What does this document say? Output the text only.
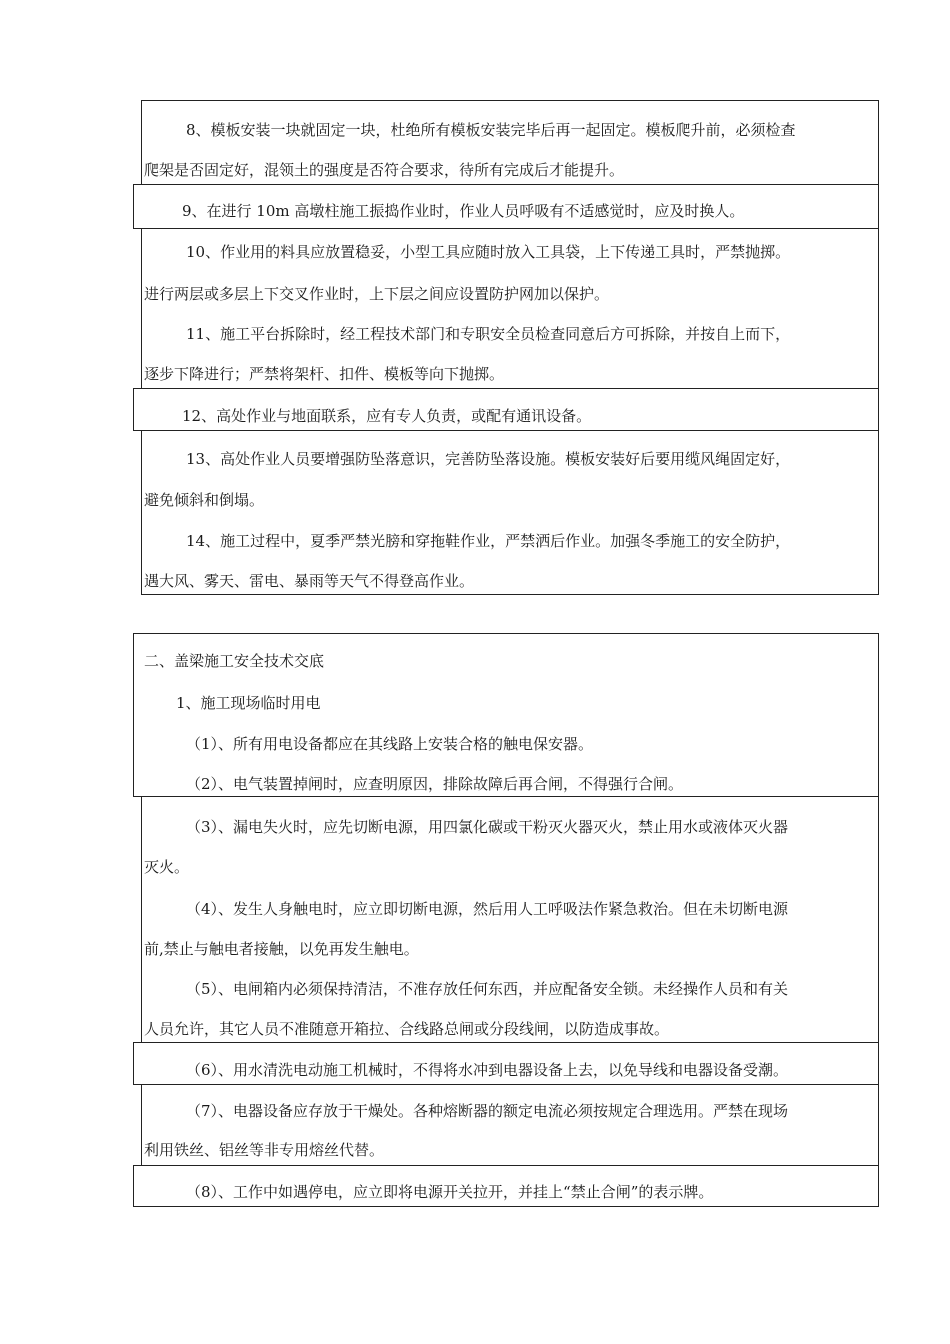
8、模板安装一块就固定一块，杜绝所有模板安装完毕后再一起固定。模板爬升前，必须检查
爬架是否固定好，混领土的强度是否符合要求，待所有完成后才能提升。
9、在进行 10m 高墩柱施工振捣作业时，作业人员呼吸有不适感觉时，应及时换人。
10、作业用的料具应放置稳妥，小型工具应随时放入工具袋，上下传递工具时，严禁抛掷。
进行两层或多层上下交叉作业时，上下层之间应设置防护网加以保护。
11、施工平台拆除时，经工程技术部门和专职安全员检查同意后方可拆除，并按自上而下，
逐步下降进行；严禁将架杆、扣件、模板等向下抛掷。
12、高处作业与地面联系，应有专人负责，或配有通讯设备。
13、高处作业人员要增强防坠落意识，完善防坠落设施。模板安装好后要用缆风绳固定好，
避免倾斜和倒塌。
14、施工过程中，夏季严禁光膀和穿拖鞋作业，严禁洒后作业。加强冬季施工的安全防护，
遇大风、雾天、雷电、暴雨等天气不得登高作业。
二、盖梁施工安全技术交底
1、施工现场临时用电
（1）、所有用电设备都应在其线路上安装合格的触电保安器。
（2）、电气装置掉闸时，应查明原因，排除故障后再合闸，不得强行合闸。
（3）、漏电失火时，应先切断电源，用四氯化碳或干粉灭火器灭火，禁止用水或液体灭火器
灭火。
（4）、发生人身触电时，应立即切断电源，然后用人工呼吸法作紧急救治。但在未切断电源
前,禁止与触电者接触，以免再发生触电。
（5）、电闸箱内必须保持清洁，不准存放任何东西，并应配备安全锁。未经操作人员和有关
人员允许，其它人员不准随意开箱拉、合线路总闸或分段线闸，以防造成事故。
（6）、用水清洗电动施工机械时，不得将水冲到电器设备上去，以免导线和电器设备受潮。
（7）、电器设备应存放于干燥处。各种熔断器的额定电流必须按规定合理选用。严禁在现场
利用铁丝、铝丝等非专用熔丝代替。
（8）、工作中如遇停电，应立即将电源开关拉开，并挂上“禁止合闸”的表示牌。
